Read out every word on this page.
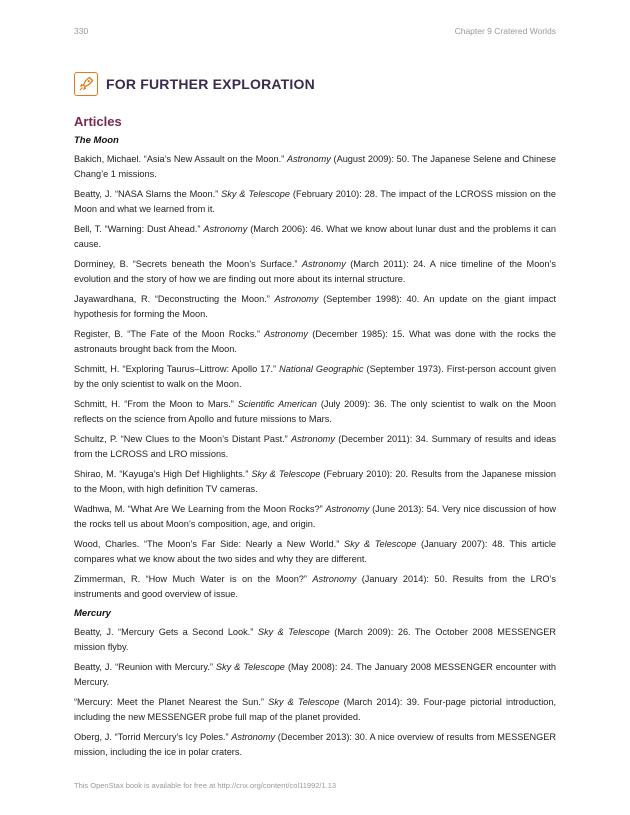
330	Chapter 9 Cratered Worlds
FOR FURTHER EXPLORATION
Articles
The Moon
Bakich, Michael. “Asia’s New Assault on the Moon.” Astronomy (August 2009): 50. The Japanese Selene and Chinese Chang’e 1 missions.
Beatty, J. “NASA Slams the Moon.” Sky & Telescope (February 2010): 28. The impact of the LCROSS mission on the Moon and what we learned from it.
Bell, T. “Warning: Dust Ahead.” Astronomy (March 2006): 46. What we know about lunar dust and the problems it can cause.
Dorminey, B. “Secrets beneath the Moon’s Surface.” Astronomy (March 2011): 24. A nice timeline of the Moon’s evolution and the story of how we are finding out more about its internal structure.
Jayawardhana, R. “Deconstructing the Moon.” Astronomy (September 1998): 40. An update on the giant impact hypothesis for forming the Moon.
Register, B. “The Fate of the Moon Rocks.” Astronomy (December 1985): 15. What was done with the rocks the astronauts brought back from the Moon.
Schmitt, H. “Exploring Taurus–Littrow: Apollo 17.” National Geographic (September 1973). First-person account given by the only scientist to walk on the Moon.
Schmitt, H. “From the Moon to Mars.” Scientific American (July 2009): 36. The only scientist to walk on the Moon reflects on the science from Apollo and future missions to Mars.
Schultz, P. “New Clues to the Moon’s Distant Past.” Astronomy (December 2011): 34. Summary of results and ideas from the LCROSS and LRO missions.
Shirao, M. “Kayuga’s High Def Highlights.” Sky & Telescope (February 2010): 20. Results from the Japanese mission to the Moon, with high definition TV cameras.
Wadhwa, M. “What Are We Learning from the Moon Rocks?” Astronomy (June 2013): 54. Very nice discussion of how the rocks tell us about Moon’s composition, age, and origin.
Wood, Charles. “The Moon’s Far Side: Nearly a New World.” Sky & Telescope (January 2007): 48. This article compares what we know about the two sides and why they are different.
Zimmerman, R. “How Much Water is on the Moon?” Astronomy (January 2014): 50. Results from the LRO’s instruments and good overview of issue.
Mercury
Beatty, J. “Mercury Gets a Second Look.” Sky & Telescope (March 2009): 26. The October 2008 MESSENGER mission flyby.
Beatty, J. “Reunion with Mercury.” Sky & Telescope (May 2008): 24. The January 2008 MESSENGER encounter with Mercury.
“Mercury: Meet the Planet Nearest the Sun.” Sky & Telescope (March 2014): 39. Four-page pictorial introduction, including the new MESSENGER probe full map of the planet provided.
Oberg, J. “Torrid Mercury’s Icy Poles.” Astronomy (December 2013): 30. A nice overview of results from MESSENGER mission, including the ice in polar craters.
This OpenStax book is available for free at http://cnx.org/content/col11992/1.13
